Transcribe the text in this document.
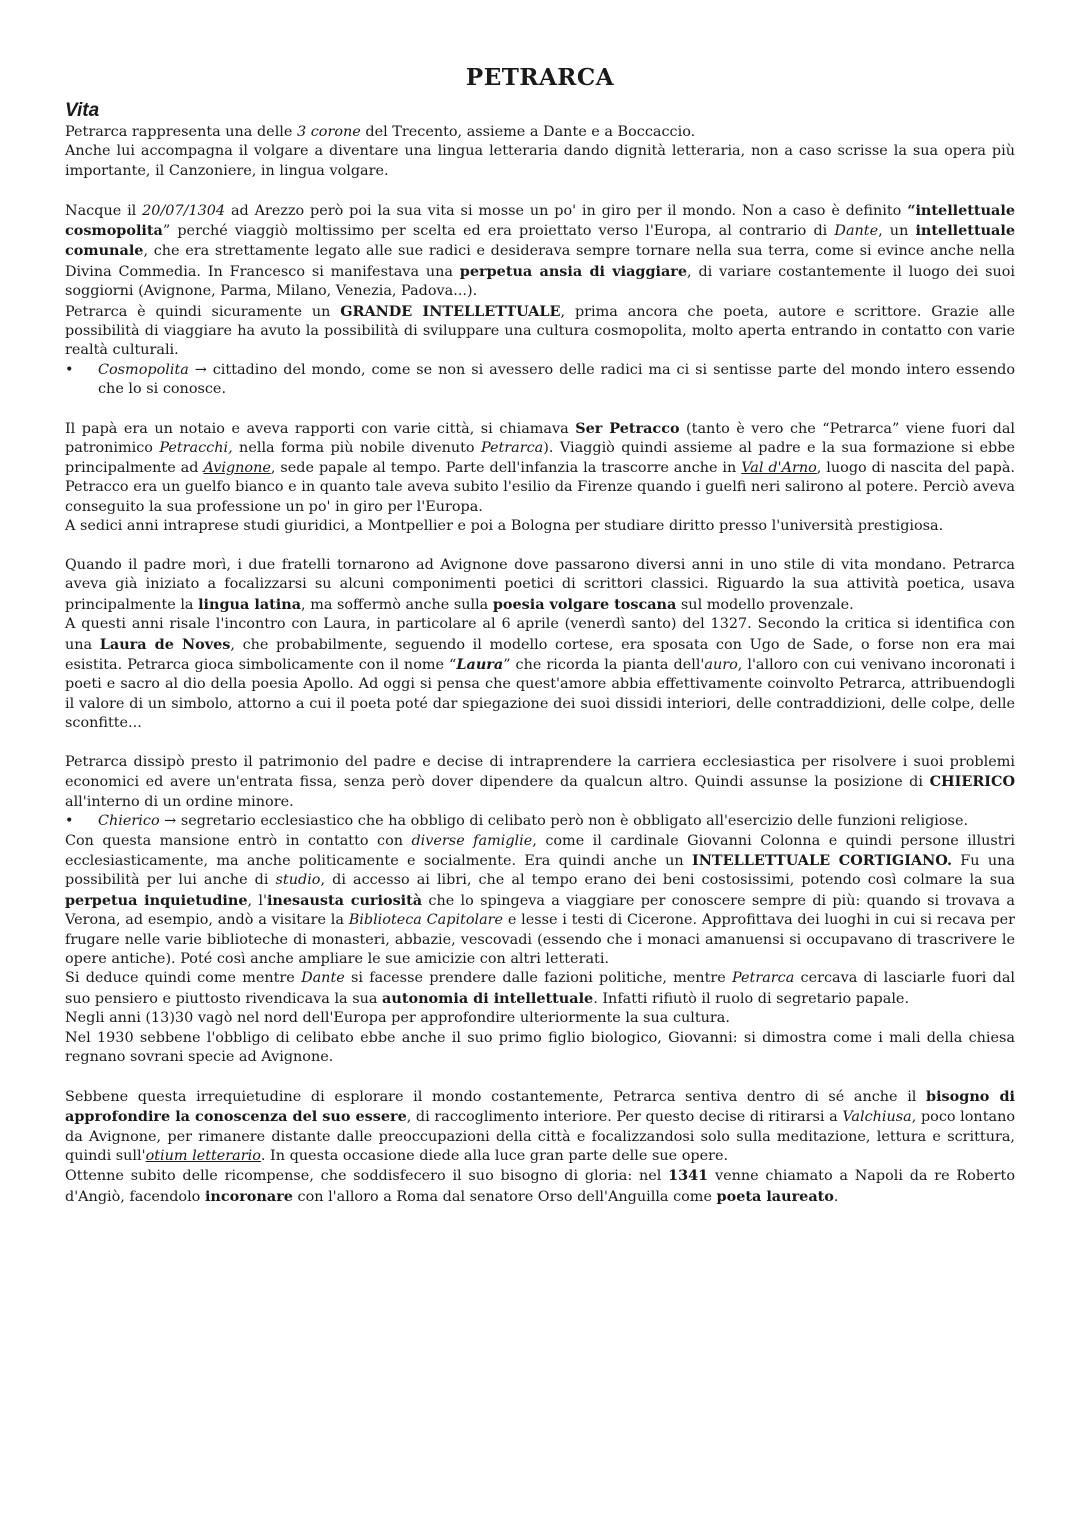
PETRARCA
Vita

Petrarca rappresenta una delle 3 corone del Trecento, assieme a Dante e a Boccaccio.

Anche lui accompagna il volgare a diventare una lingua letteraria dando dignità letteraria, non a caso scrisse la sua opera più importante, il Canzoniere, in lingua volgare.

Nacque il 20/07/1304 ad Arezzo però poi la sua vita si mosse un po' in giro per il mondo. Non a caso è definito “intellettuale cosmopolita” perché viaggiò moltissimo per scelta ed era proiettato verso l'Europa, al contrario di Dante, un intellettuale comunale, che era strettamente legato alle sue radici e desiderava sempre tornare nella sua terra, come si evince anche nella Divina Commedia. In Francesco si manifestava una perpetua ansia di viaggiare, di variare costantemente il luogo dei suoi soggiorni (Avignone, Parma, Milano, Venezia, Padova...).

Petrarca è quindi sicuramente un GRANDE INTELLETTUALE, prima ancora che poeta, autore e scrittore. Grazie alle possibilità di viaggiare ha avuto la possibilità di sviluppare una cultura cosmopolita, molto aperta entrando in contatto con varie realtà culturali.

• Cosmopolita → cittadino del mondo, come se non si avessero delle radici ma ci si sentisse parte del mondo intero essendo che lo si conosce.

Il papà era un notaio e aveva rapporti con varie città, si chiamava Ser Petracco (tanto è vero che “Petrarca” viene fuori dal patronimico Petracchi, nella forma più nobile divenuto Petrarca). Viaggiò quindi assieme al padre e la sua formazione si ebbe principalmente ad Avignone, sede papale al tempo. Parte dell'infanzia la trascorre anche in Val d'Arno, luogo di nascita del papà. Petracco era un guelfo bianco e in quanto tale aveva subito l'esilio da Firenze quando i guelfi neri salirono al potere. Perciò aveva conseguito la sua professione un po' in giro per l'Europa.

A sedici anni intraprese studi giuridici, a Montpellier e poi a Bologna per studiare diritto presso l'università prestigiosa.

Quando il padre morì, i due fratelli tornarono ad Avignone dove passarono diversi anni in uno stile di vita mondano. Petrarca aveva già iniziato a focalizzarsi su alcuni componimenti poetici di scrittori classici. Riguardo la sua attività poetica, usava principalmente la lingua latina, ma soffermò anche sulla poesia volgare toscana sul modello provenzale.

A questi anni risale l'incontro con Laura, in particolare al 6 aprile (venerdì santo) del 1327. Secondo la critica si identifica con una Laura de Noves, che probabilmente, seguendo il modello cortese, era sposata con Ugo de Sade, o forse non era mai esistita. Petrarca gioca simbolicamente con il nome “Laura” che ricorda la pianta dell'auro, l'alloro con cui venivano incoronati i poeti e sacro al dio della poesia Apollo. Ad oggi si pensa che quest'amore abbia effettivamente coinvolto Petrarca, attribuendogli il valore di un simbolo, attorno a cui il poeta poté dar spiegazione dei suoi dissidi interiori, delle contraddizioni, delle colpe, delle sconfitte...

Petrarca dissipò presto il patrimonio del padre e decise di intraprendere la carriera ecclesiastica per risolvere i suoi problemi economici ed avere un'entrata fissa, senza però dover dipendere da qualcun altro. Quindi assunse la posizione di CHIERICO all'interno di un ordine minore.

• Chierico → segretario ecclesiastico che ha obbligo di celibato però non è obbligato all'esercizio delle funzioni religiose.

Con questa mansione entrò in contatto con diverse famiglie, come il cardinale Giovanni Colonna e quindi persone illustri ecclesiasticamente, ma anche politicamente e socialmente. Era quindi anche un INTELLETTUALE CORTIGIANO. Fu una possibilità per lui anche di studio, di accesso ai libri, che al tempo erano dei beni costosissimi, potendo così colmare la sua perpetua inquietudine, l'inesausta curiosità che lo spingeva a viaggiare per conoscere sempre di più: quando si trovava a Verona, ad esempio, andò a visitare la Biblioteca Capitolare e lesse i testi di Cicerone. Approfittava dei luoghi in cui si recava per frugare nelle varie biblioteche di monasteri, abbazie, vescovadi (essendo che i monaci amanuensi si occupavano di trascrivere le opere antiche). Poté così anche ampliare le sue amicizie con altri letterati.

Si deduce quindi come mentre Dante si facesse prendere dalle fazioni politiche, mentre Petrarca cercava di lasciarle fuori dal suo pensiero e piuttosto rivendicava la sua autonomia di intellettuale. Infatti rifiutò il ruolo di segretario papale.

Negli anni (13)30 vagò nel nord dell'Europa per approfondire ulteriormente la sua cultura.

Nel 1930 sebbene l'obbligo di celibato ebbe anche il suo primo figlio biologico, Giovanni: si dimostra come i mali della chiesa regnano sovrani specie ad Avignone.

Sebbene questa irrequietudine di esplorare il mondo costantemente, Petrarca sentiva dentro di sé anche il bisogno di approfondire la conoscenza del suo essere, di raccoglimento interiore. Per questo decise di ritirarsi a Valchiusa, poco lontano da Avignone, per rimanere distante dalle preoccupazioni della città e focalizzandosi solo sulla meditazione, lettura e scrittura, quindi sull'otium letterario. In questa occasione diede alla luce gran parte delle sue opere.

Ottenne subito delle ricompense, che soddisfecero il suo bisogno di gloria: nel 1341 venne chiamato a Napoli da re Roberto d'Angiò, facendolo incoronare con l'alloro a Roma dal senatore Orso dell'Anguilla come poeta laureato.
